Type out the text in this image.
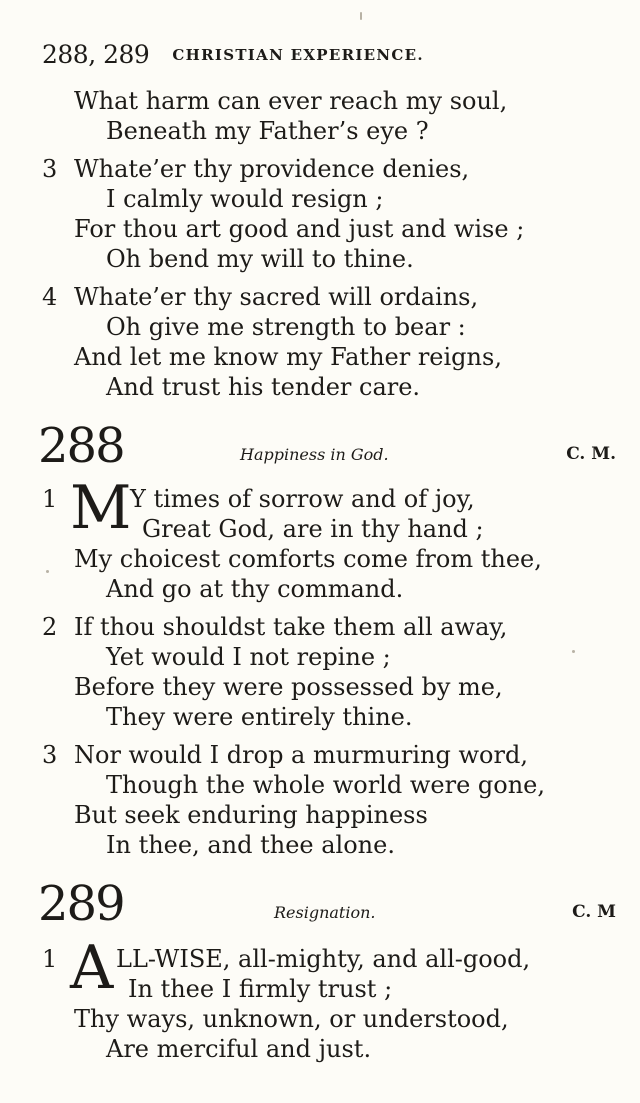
288, 289 CHRISTIAN EXPERIENCE.
What harm can ever reach my soul,
Beneath my Father’s eye ?
3 Whate’er thy providence denies,
I calmly would resign ;
For thou art good and just and wise ;
Oh bend my will to thine.
4 Whate’er thy sacred will ordains,
Oh give me strength to bear :
And let me know my Father reigns,
And trust his tender care.
288	Happiness in God.	C. M.
1 M
Y times of sorrow and of joy,
Great God, are in thy hand ;
My choicest comforts come from thee,
And go at thy command.
2 If thou shouldst take them all away,
Yet would I not repine ;
Before they were possessed by me,
They were entirely thine.
3 Nor would I drop a murmuring word,
Though the whole world were gone,
But seek enduring happiness
In thee, and thee alone.
289	Resignation.	C. M
1 A LL-WISE, all-mighty, and all-good,
In thee I firmly trust ;
Thy ways, unknown, or understood,
Are merciful and just.
